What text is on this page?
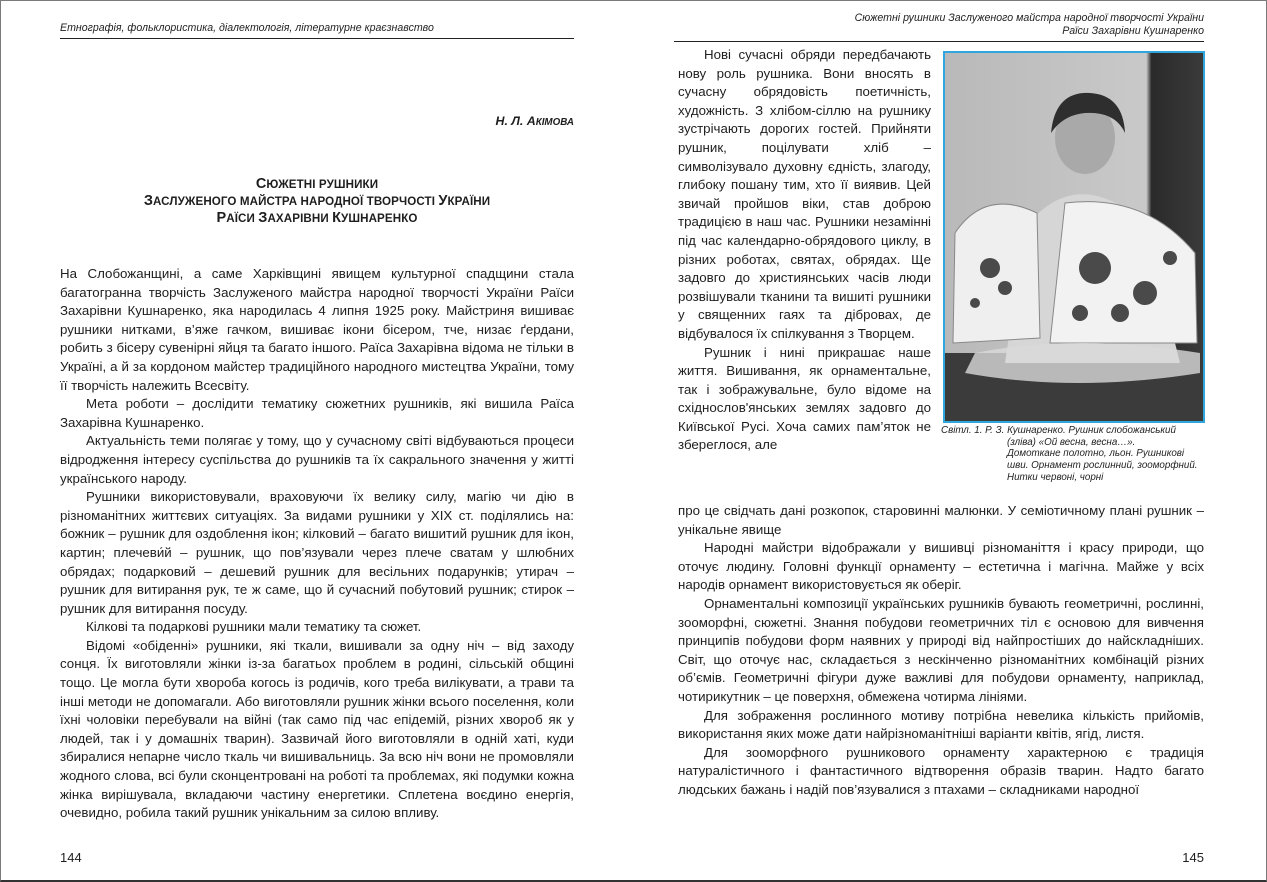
Етнографія, фольклористика, діалектологія, літературне краєзнавство
Н. Л. АКІМОВА
СЮЖЕТНІ РУШНИКИ
ЗАСЛУЖЕНОГО МАЙСТРА НАРОДНОЇ ТВОРЧОСТІ УКРАЇНИ
РАЇСИ ЗАХАРІВНИ КУШНАРЕНКО

На Слобожанщині, а саме Харківщині явищем культурної спадщини стала багатогранна творчість Заслуженого майстра народної творчості України Раїси Захарівни Кушнаренко, яка народилась 4 липня 1925 року. Майстриня вишиває рушники нитками, в’яже гачком, вишиває ікони бісером, тче, низає ґердани, робить з бісеру сувенірні яйця та багато іншого. Раїса Захарівна відома не тільки в Україні, а й за кордоном майстер традиційного народного мистецтва України, тому її творчість належить Всесвіту.

Мета роботи – дослідити тематику сюжетних рушників, які вишила Раїса Захарівна Кушнаренко.

Актуальність теми полягає у тому, що у сучасному світі відбуваються процеси відродження інтересу суспільства до рушників та їх сакрального значення у житті українського народу.

Рушники використовували, враховуючи їх велику силу, магію чи дію в різноманітних життєвих ситуаціях. За видами рушники у XIX ст. поділялись на: божник – рушник для оздоблення ікон; кілковий – багато вишитий рушник для ікон, картин; плечеви́й – рушник, що пов’язували через плече сватам у шлюбних обрядах; подарковий – дешевий рушник для весільних подарунків; утирач – рушник для витирання рук, те ж саме, що й сучасний побутовий рушник; стирок – рушник для витирання посуду.

Кілкові та подаркові рушники мали тематику та сюжет.

Відомі «обіденні» рушники, які ткали, вишивали за одну ніч – від заходу сонця. Їх виготовляли жінки із-за багатьох проблем в родині, сільській общині тощо. Це могла бути хвороба когось із родичів, кого треба вилікувати, а трави та інші методи не допомагали. Або виготовляли рушник жінки всього поселення, коли їхні чоловіки перебували на війні (так само під час епідемій, різних хвороб як у людей, так і у домашніх тварин). Зазвичай його виготовляли в одній хаті, куди збиралися непарне число ткаль чи вишивальниць. За всю ніч вони не промовляли жодного слова, всі були сконцентровані на роботі та проблемах, які подумки кожна жінка вирішувала, вкладаючи частину енергетики. Сплетена воєдино енергія, очевидно, робила такий рушник унікальним за силою впливу.

144
Сюжетні рушники Заслуженого майстра народної творчості України
Раїси Захарівни Кушнаренко

Нові сучасні обряди передбачають нову роль рушника. Вони вносять в сучасну обрядовість поетичність, художність. З хлібом-сіллю на рушнику зустрічають дорогих гостей. Прийняти рушник, поцілувати хліб – символізувало духовну єдність, злагоду, глибоку пошану тим, хто її виявив. Цей звичай пройшов віки, став доброю традицією в наш час. Рушники незамінні під час календарно-обрядового циклу, в різних роботах, святах, обрядах. Ще задовго до християнських часів люди розвішували тканини та вишиті рушники у священних гаях та дібровах, де відбувалося їх спілкування з Творцем.

Рушник і нині прикрашає наше життя. Вишивання, як орнаментальне, так і зображувальне, було відоме на східнослов'янських землях задовго до Київської Русі. Хоча самих пам’яток не збереглося, але

Світл. 1. Р. З. Кушнаренко. Рушник слобожанський
(зліва) «Ой весна, весна…».
Домоткане полотно, льон. Рушникові
шви. Орнамент рослинний, зооморфний.
Нитки червоні, чорні

про це свідчать дані розкопок, старовинні малюнки. У семіотичному плані рушник – унікальне явище

Народні майстри відображали у вишивці різноманіття і красу природи, що оточує людину. Головні функції орнаменту – естетична і магічна. Майже у всіх народів орнамент використовується як оберіг.

Орнаментальні композиції українських рушників бувають геометричні, рослинні, зооморфні, сюжетні. Знання побудови геометричних тіл є основою для вивчення принципів побудови форм наявних у природі від найпростіших до найскладніших. Світ, що оточує нас, складається з нескінченно різноманітних комбінацій різних об’ємів. Геометричні фігури дуже важливі для побудови орнаменту, наприклад, чотирикутник – це поверхня, обмежена чотирма лініями.

Для зображення рослинного мотиву потрібна невелика кількість прийомів, використання яких може дати найрізноманітніші варіанти квітів, ягід, листя.

Для зооморфного рушникового орнаменту характерною є традиція натуралістичного і фантастичного відтворення образів тварин. Надто багато людських бажань і надій пов’язувалися з птахами – складниками народної

145
